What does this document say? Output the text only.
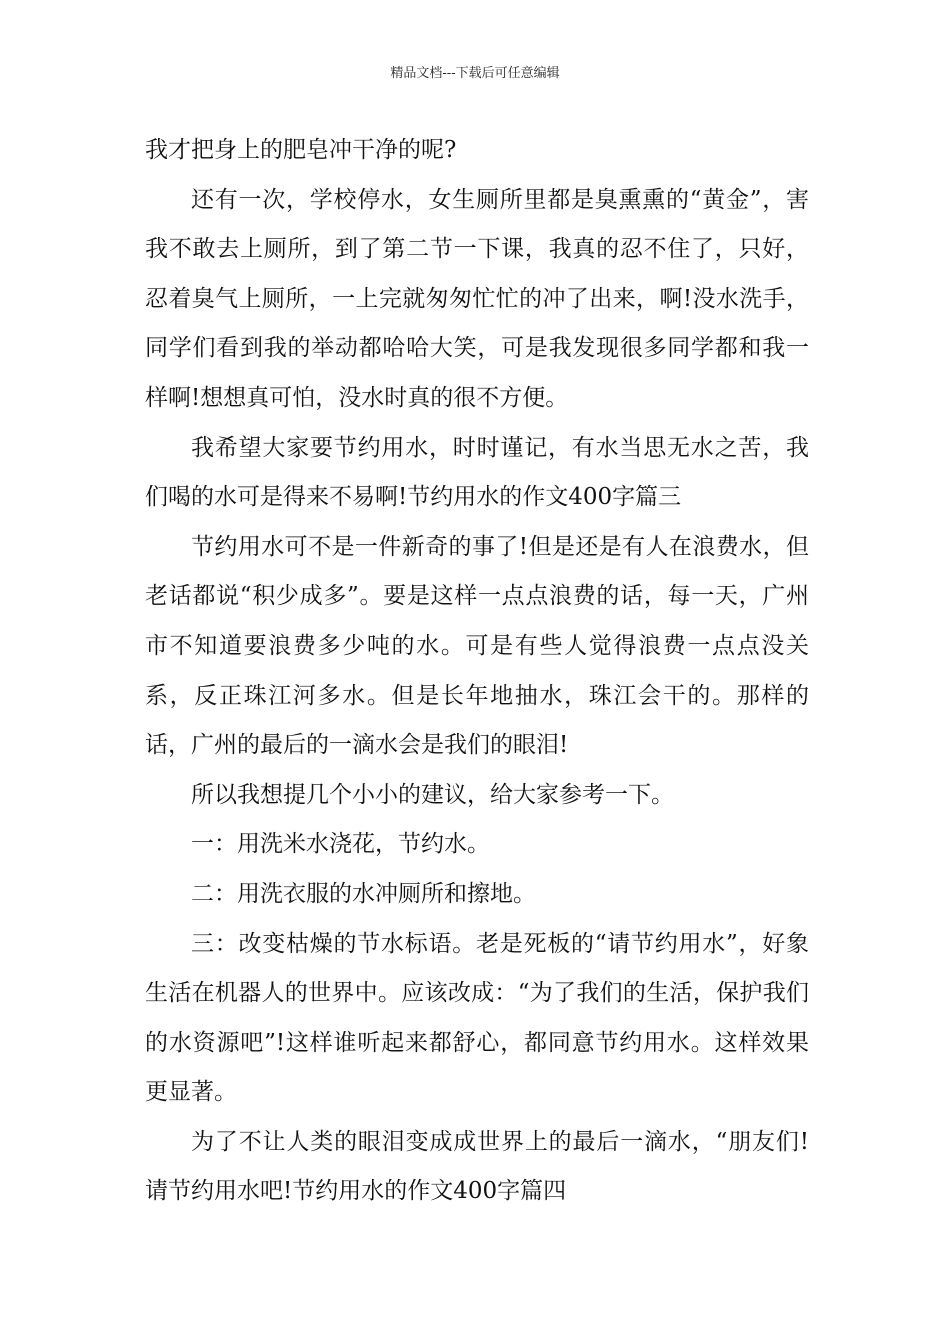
精品文档---下载后可任意编辑

我才把身上的肥皂冲干净的呢?

还有一次，学校停水，女生厕所里都是臭熏熏的“黄金”，害我不敢去上厕所，到了第二节一下课，我真的忍不住了，只好，忍着臭气上厕所，一上完就匆匆忙忙的冲了出来，啊!没水洗手，同学们看到我的举动都哈哈大笑，可是我发现很多同学都和我一样啊!想想真可怕，没水时真的很不方便。

我希望大家要节约用水，时时谨记，有水当思无水之苦，我们喝的水可是得来不易啊!节约用水的作文400字篇三

节约用水可不是一件新奇的事了!但是还是有人在浪费水，但老话都说“积少成多”。要是这样一点点浪费的话，每一天，广州市不知道要浪费多少吨的水。可是有些人觉得浪费一点点没关系，反正珠江河多水。但是长年地抽水，珠江会干的。那样的话，广州的最后的一滴水会是我们的眼泪!

所以我想提几个小小的建议，给大家参考一下。

一：用洗米水浇花，节约水。

二：用洗衣服的水冲厕所和擦地。

三：改变枯燥的节水标语。老是死板的“请节约用水”，好象生活在机器人的世界中。应该改成：“为了我们的生活，保护我们的水资源吧”!这样谁听起来都舒心，都同意节约用水。这样效果更显著。

为了不让人类的眼泪变成成世界上的最后一滴水，“朋友们!请节约用水吧!节约用水的作文400字篇四
